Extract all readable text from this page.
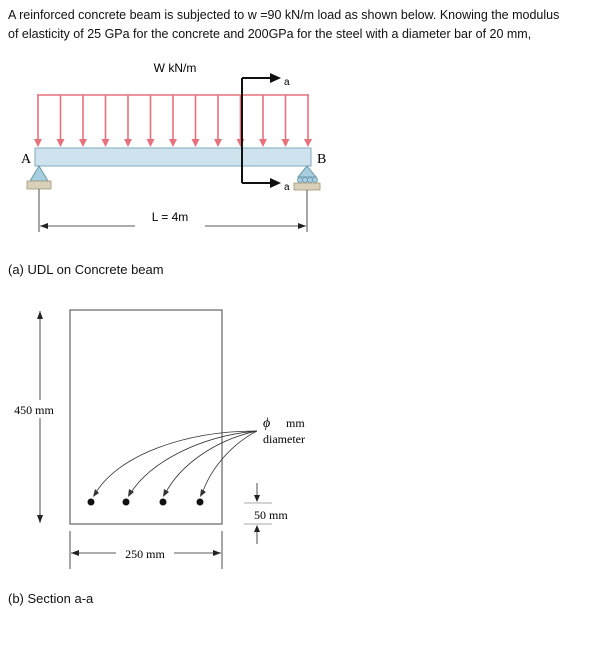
A reinforced concrete beam is subjected to w =90 kN/m load as shown below. Knowing the modulus
of elasticity of 25 GPa for the concrete and 200GPa for the steel with a diameter bar of 20 mm,
W kN/m
A	B
a
a
L = 4m
450 mm
250 mm
ϕ mm
diameter
50 mm
(a) UDL on Concrete beam
(b) Section a-a
